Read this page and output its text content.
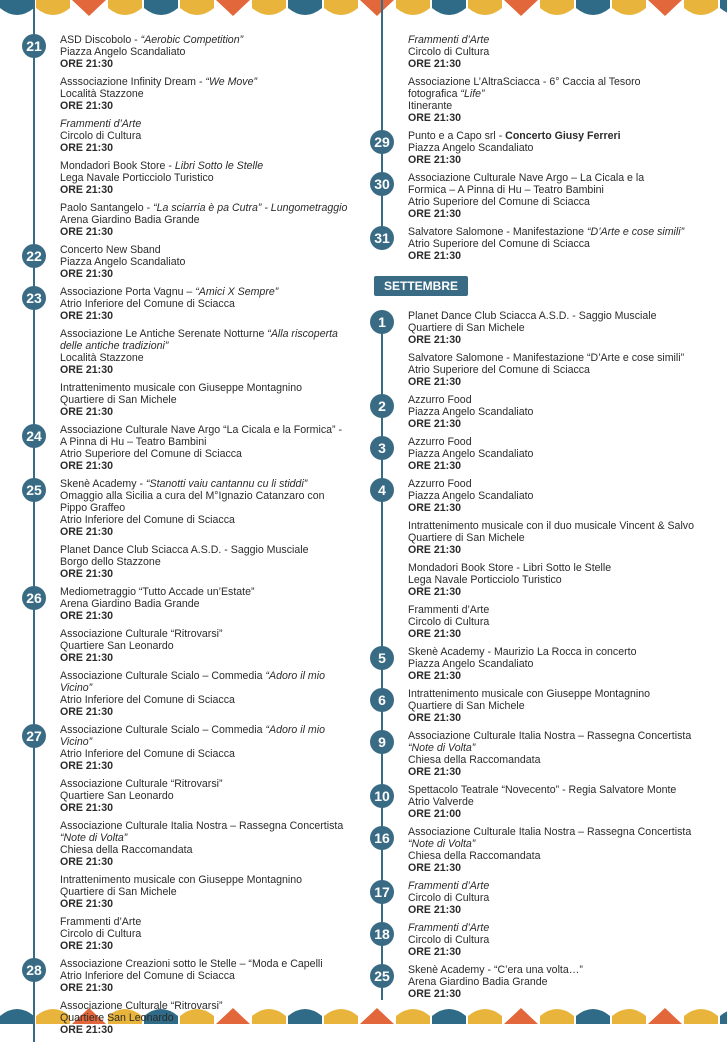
21	ASD Discobolo - “Aerobic Competition”
Piazza Angelo Scandaliato
ORE 21:30
Asssociazione Infinity Dream - “We Move”
Località Stazzone
ORE 21:30
Frammenti d’Arte
Circolo di Cultura
ORE 21:30
Mondadori Book Store - Libri Sotto le Stelle
Lega Navale Porticciolo Turistico
ORE 21:30
Paolo Santangelo - “La sciarria è pa Cutra” - Lungometraggio
Arena Giardino Badia Grande
ORE 21:30
22	Concerto New Sband
Piazza Angelo Scandaliato
ORE 21:30
23	Associazione Porta Vagnu – “Amici X Sempre”
Atrio Inferiore del Comune di Sciacca
ORE 21:30
Associazione Le Antiche Serenate Notturne “Alla riscoperta
delle antiche tradizioni”
Località Stazzone
ORE 21:30
Intrattenimento musicale con Giuseppe Montagnino
Quartiere di San Michele
ORE 21:30
24	Associazione Culturale Nave Argo “La Cicala e la Formica” -
A Pinna di Hu – Teatro Bambini
Atrio Superiore del Comune di Sciacca
ORE 21:30
25	Skenè Academy - “Stanotti vaiu cantannu cu li stiddi”
Omaggio alla Sicilia a cura del M°Ignazio Catanzaro con
Pippo Graffeo
Atrio Inferiore del Comune di Sciacca
ORE 21:30
Planet Dance Club Sciacca A.S.D. - Saggio Musciale
Borgo dello Stazzone
ORE 21:30
26	Mediometraggio “Tutto Accade un’Estate”
Arena Giardino Badia Grande
ORE 21:30
Associazione Culturale “Ritrovarsi”
Quartiere San Leonardo
ORE 21:30
Associazione Culturale Scialo – Commedia “Adoro il mio Vicino”
Atrio Inferiore del Comune di Sciacca
ORE 21:30
27	Associazione Culturale Scialo – Commedia “Adoro il mio
Vicino”
Atrio Inferiore del Comune di Sciacca
ORE 21:30
Associazione Culturale “Ritrovarsi”
Quartiere San Leonardo
ORE 21:30
Associazione Culturale Italia Nostra – Rassegna Concertista
“Note di Volta”
Chiesa della Raccomandata
ORE 21:30
Intrattenimento musicale con Giuseppe Montagnino
Quartiere di San Michele
ORE 21:30
Frammenti d’Arte
Circolo di Cultura
ORE 21:30
28	Associazione Creazioni sotto le Stelle – “Moda e Capelli
Atrio Inferiore del Comune di Sciacca
ORE 21:30
Associazione Culturale “Ritrovarsi”
Quartiere San Leonardo
ORE 21:30
Frammenti d’Arte
Circolo di Cultura
ORE 21:30
Associazione L’AltraSciacca - 6° Caccia al Tesoro
fotografica “Life”
Itinerante
ORE 21:30
29	Punto e a Capo srl - Concerto Giusy Ferreri
Piazza Angelo Scandaliato
ORE 21:30
30	Associazione Culturale Nave Argo – La Cicala e la
Formica – A Pinna di Hu – Teatro Bambini
Atrio Superiore del Comune di Sciacca
ORE 21:30
31	Salvatore Salomone - Manifestazione “D’Arte e cose simili”
Atrio Superiore del Comune di Sciacca
ORE 21:30
SETTEMBRE
1	Planet Dance Club Sciacca A.S.D. - Saggio Musciale
Quartiere di San Michele
ORE 21:30
Salvatore Salomone - Manifestazione “D’Arte e cose simili”
Atrio Superiore del Comune di Sciacca
ORE 21:30
2	Azzurro Food
Piazza Angelo Scandaliato
ORE 21:30
3	Azzurro Food
Piazza Angelo Scandaliato
ORE 21:30
4	Azzurro Food
Piazza Angelo Scandaliato
ORE 21:30
Intrattenimento musicale con il duo musicale Vincent & Salvo
Quartiere di San Michele
ORE 21:30
Mondadori Book Store - Libri Sotto le Stelle
Lega Navale Porticciolo Turistico
ORE 21:30
Frammenti d’Arte
Circolo di Cultura
ORE 21:30
5	Skenè Academy - Maurizio La Rocca in concerto
Piazza Angelo Scandaliato
ORE 21:30
6	Intrattenimento musicale con Giuseppe Montagnino
Quartiere di San Michele
ORE 21:30
9	Associazione Culturale Italia Nostra – Rassegna Concertista
“Note di Volta”
Chiesa della Raccomandata
ORE 21:30
10	Spettacolo Teatrale “Novecento” - Regia Salvatore Monte
Atrio Valverde
ORE 21:00
16	Associazione Culturale Italia Nostra – Rassegna Concertista
“Note di Volta”
Chiesa della Raccomandata
ORE 21:30
17	Frammenti d’Arte
Circolo di Cultura
ORE 21:30
18	Frammenti d’Arte
Circolo di Cultura
ORE 21:30
25	Skenè Academy - “C’era una volta…”
Arena Giardino Badia Grande
ORE 21:30
